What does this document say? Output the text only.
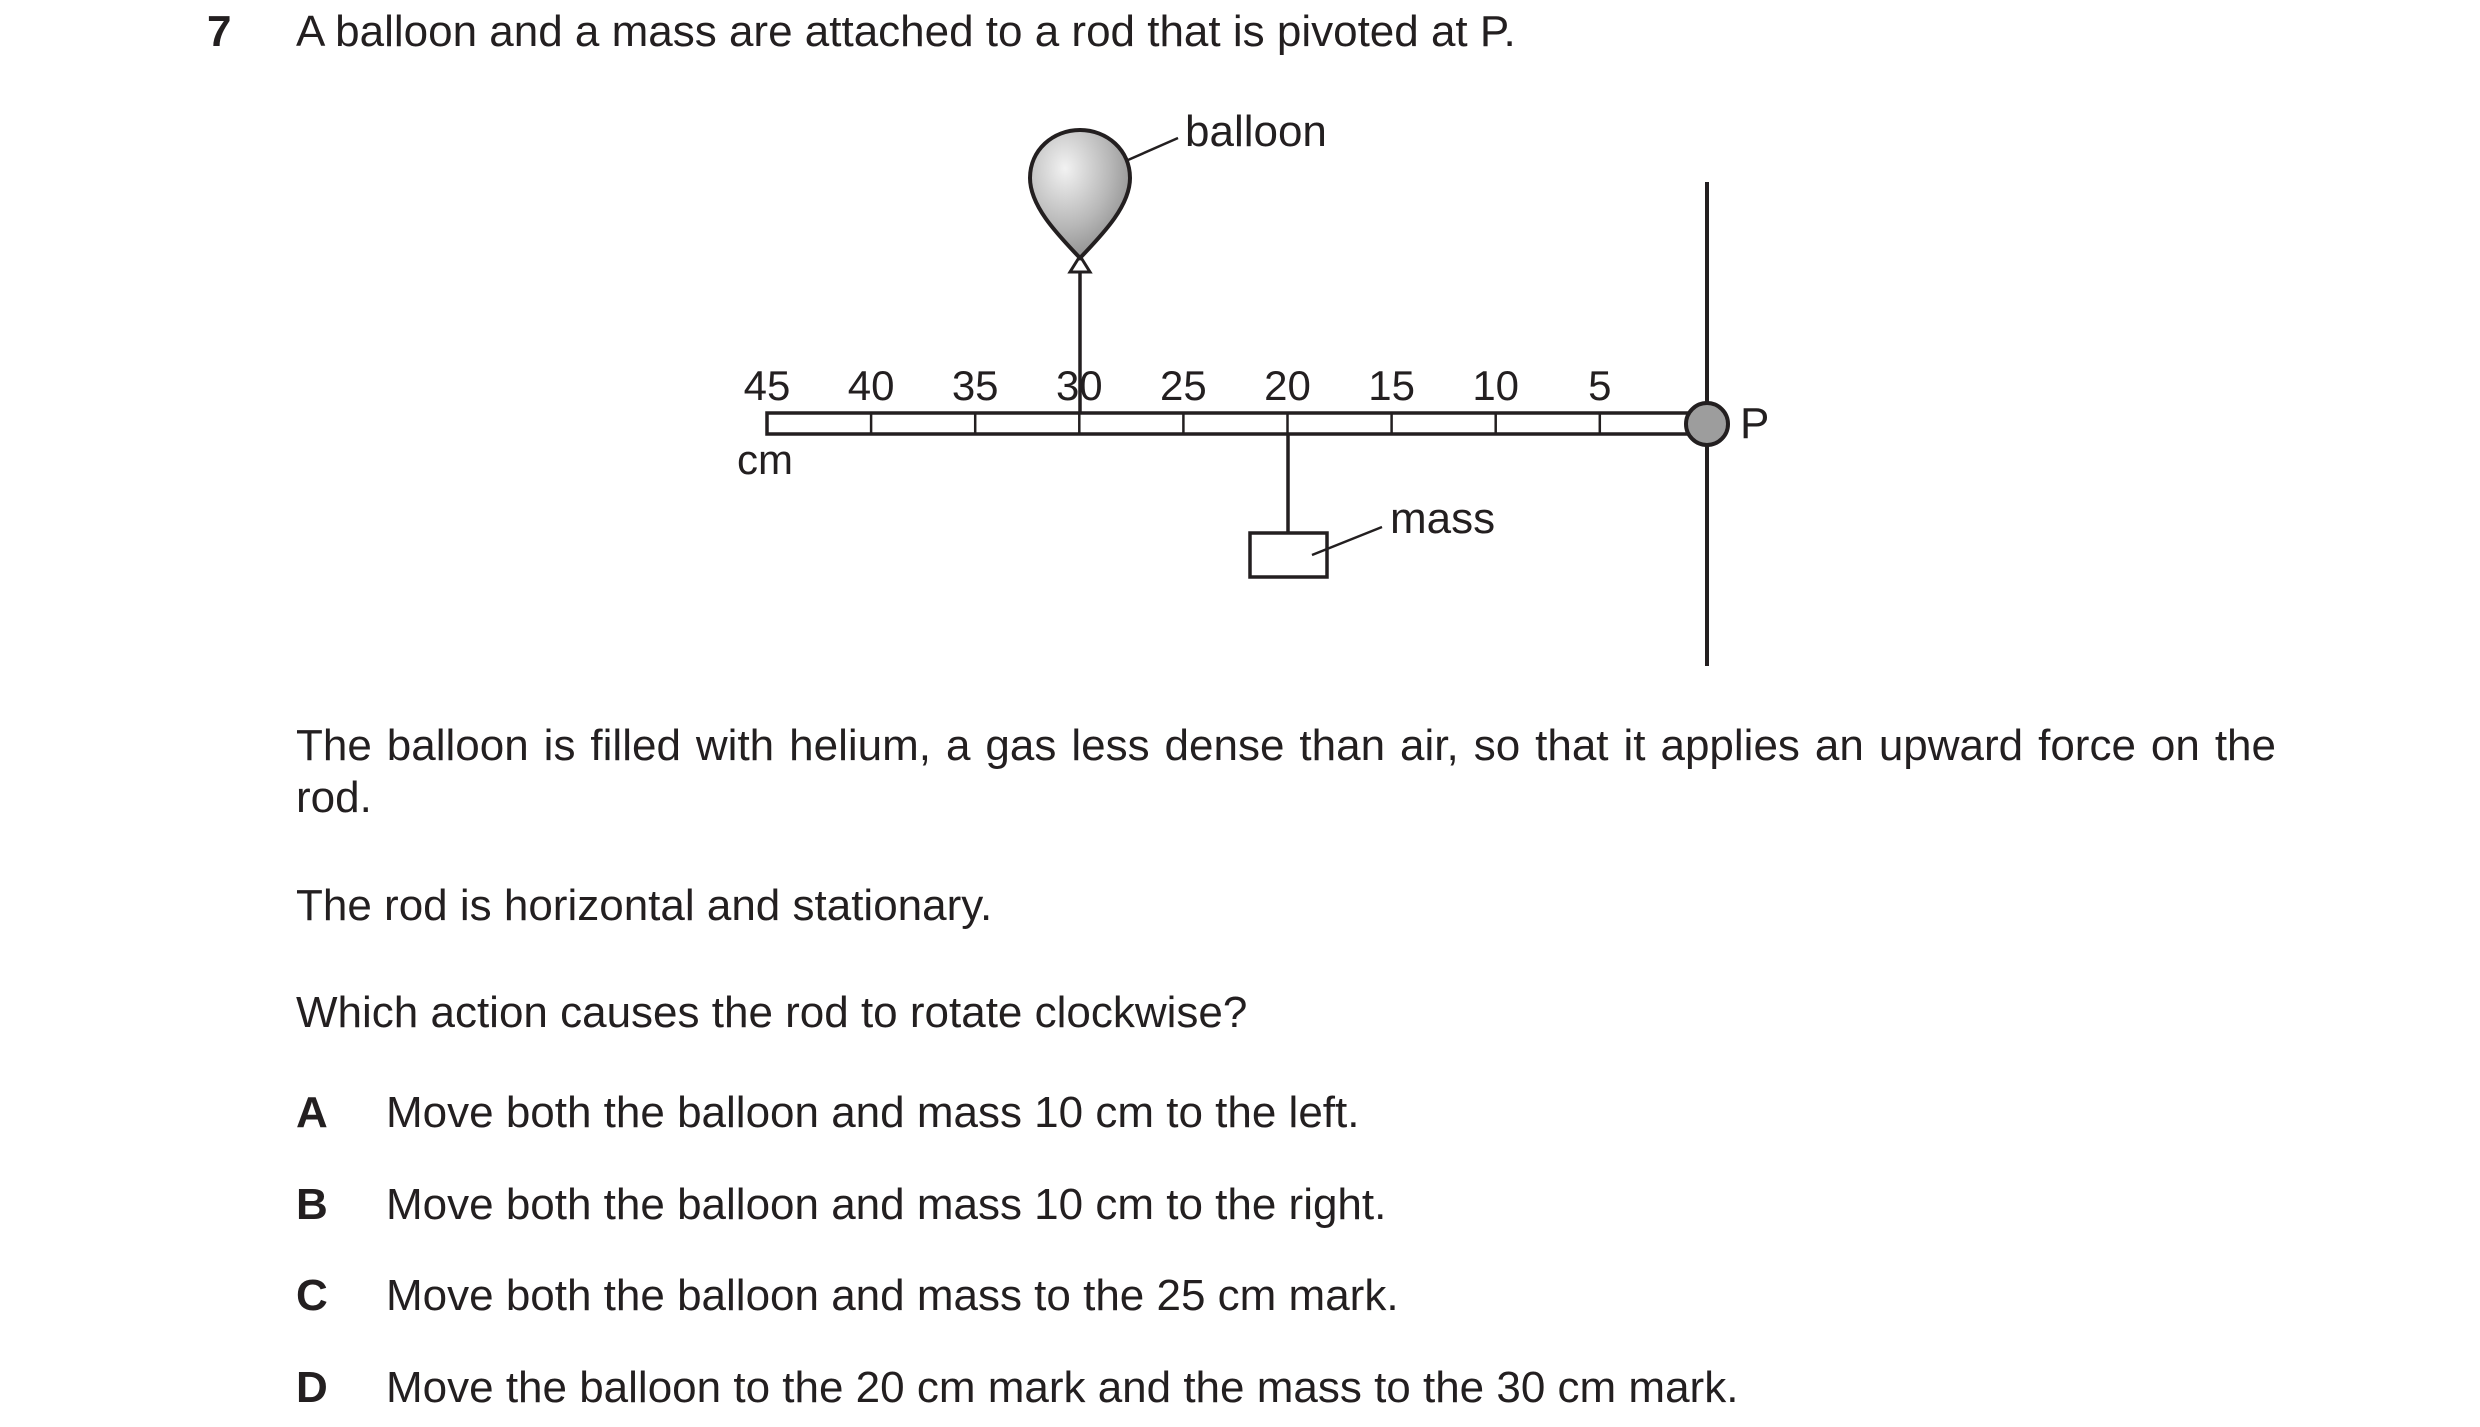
7 A balloon and a mass are attached to a rod that is pivoted at P.
45 40 35 30 25 20 15 10 5
cm
P
balloon
mass

The balloon is filled with helium, a gas less dense than air, so that it applies an upward force on the rod.

The rod is horizontal and stationary.

Which action causes the rod to rotate clockwise?

A Move both the balloon and mass 10 cm to the left.
B Move both the balloon and mass 10 cm to the right.
C Move both the balloon and mass to the 25 cm mark.
D Move the balloon to the 20 cm mark and the mass to the 30 cm mark.
